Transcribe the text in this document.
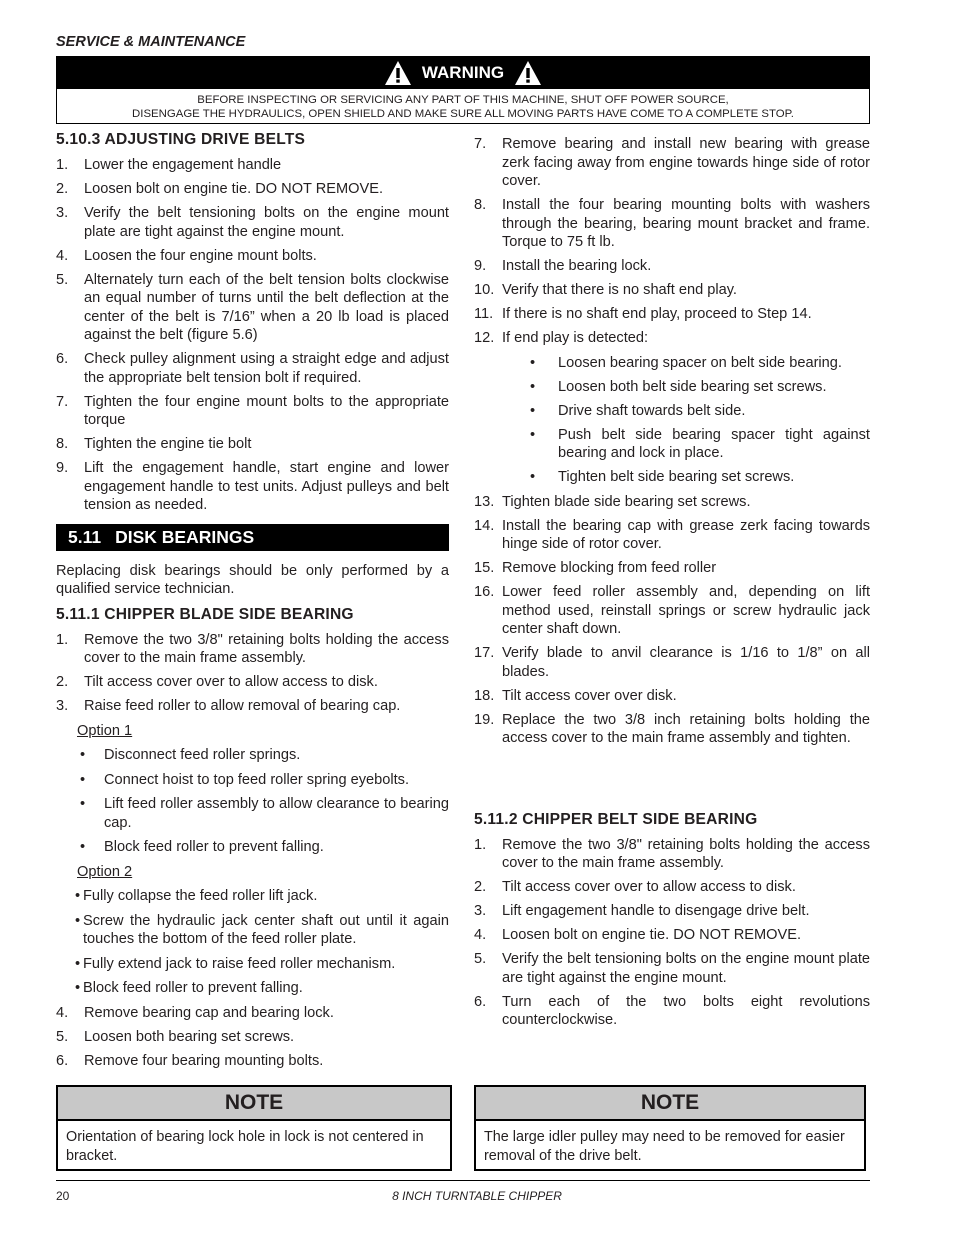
SERVICE & MAINTENANCE
WARNING
BEFORE INSPECTING OR SERVICING ANY PART OF THIS MACHINE, SHUT OFF POWER SOURCE,
DISENGAGE THE HYDRAULICS, OPEN SHIELD AND MAKE SURE ALL MOVING PARTS HAVE COME TO A COMPLETE STOP.
5.10.3 ADJUSTING DRIVE BELTS
1.	Lower the engagement handle
2.	Loosen bolt on engine tie. DO NOT REMOVE.
3.	Verify the belt tensioning bolts on the engine mount plate are tight against the engine mount.
4.	Loosen the four engine mount bolts.
5.	Alternately turn each of the belt tension bolts clockwise an equal number of turns until the belt deflection at the center of the belt is 7/16” when a 20 lb load is placed against the belt (figure 5.6)
6.	Check pulley alignment using a straight edge and adjust the appropriate belt tension bolt if required.
7.	Tighten the four engine mount bolts to the appropriate torque
8.	Tighten the engine tie bolt
9.	Lift the engagement handle, start engine and lower engagement handle to test units. Adjust pulleys and belt tension as needed.
5.11 DISK BEARINGS
Replacing disk bearings should be only performed by a qualified service technician.
5.11.1 CHIPPER BLADE SIDE BEARING
1.	Remove the two 3/8" retaining bolts holding the access cover to the main frame assembly.
2.	Tilt access cover over to allow access to disk.
3.	Raise feed roller to allow removal of bearing cap.
Option 1
•	Disconnect feed roller springs.
•	Connect hoist to top feed roller spring eyebolts.
•	Lift feed roller assembly to allow clearance to bearing cap.
•	Block feed roller to prevent falling.
Option 2
• Fully collapse the feed roller lift jack.
• Screw the hydraulic jack center shaft out until it again touches the bottom of the feed roller plate.
• Fully extend jack to raise feed roller mechanism.
• Block feed roller to prevent falling.
4.	Remove bearing cap and bearing lock.
5.	Loosen both bearing set screws.
6.	Remove four bearing mounting bolts.
7.	Remove bearing and install new bearing with grease zerk facing away from engine towards hinge side of rotor cover.
8.	Install the four bearing mounting bolts with washers through the bearing, bearing mount bracket and frame. Torque to 75 ft lb.
9.	Install the bearing lock.
10. Verify that there is no shaft end play.
11. If there is no shaft end play, proceed to Step 14.
12. If end play is detected:
•	Loosen bearing spacer on belt side bearing.
•	Loosen both belt side bearing set screws.
•	Drive shaft towards belt side.
•	Push belt side bearing spacer tight against bearing and lock in place.
•	Tighten belt side bearing set screws.
13. Tighten blade side bearing set screws.
14. Install the bearing cap with grease zerk facing towards hinge side of rotor cover.
15. Remove blocking from feed roller
16. Lower feed roller assembly and, depending on lift method used, reinstall springs or screw hydraulic jack center shaft down.
17. Verify blade to anvil clearance is 1/16 to 1/8” on all blades.
18. Tilt access cover over disk.
19. Replace the two 3/8 inch retaining bolts holding the access cover to the main frame assembly and tighten.
5.11.2 CHIPPER BELT SIDE BEARING
1.	Remove the two 3/8" retaining bolts holding the access cover to the main frame assembly.
2.	Tilt access cover over to allow access to disk.
3.	Lift engagement handle to disengage drive belt.
4.	Loosen bolt on engine tie. DO NOT REMOVE.
5.	Verify the belt tensioning bolts on the engine mount plate are tight against the engine mount.
6.	Turn each of the two bolts eight revolutions counterclockwise.
NOTE
Orientation of bearing lock hole in lock is not centered in bracket.
NOTE
The large idler pulley may need to be removed for easier removal of the drive belt.
20	8 INCH TURNTABLE CHIPPER
